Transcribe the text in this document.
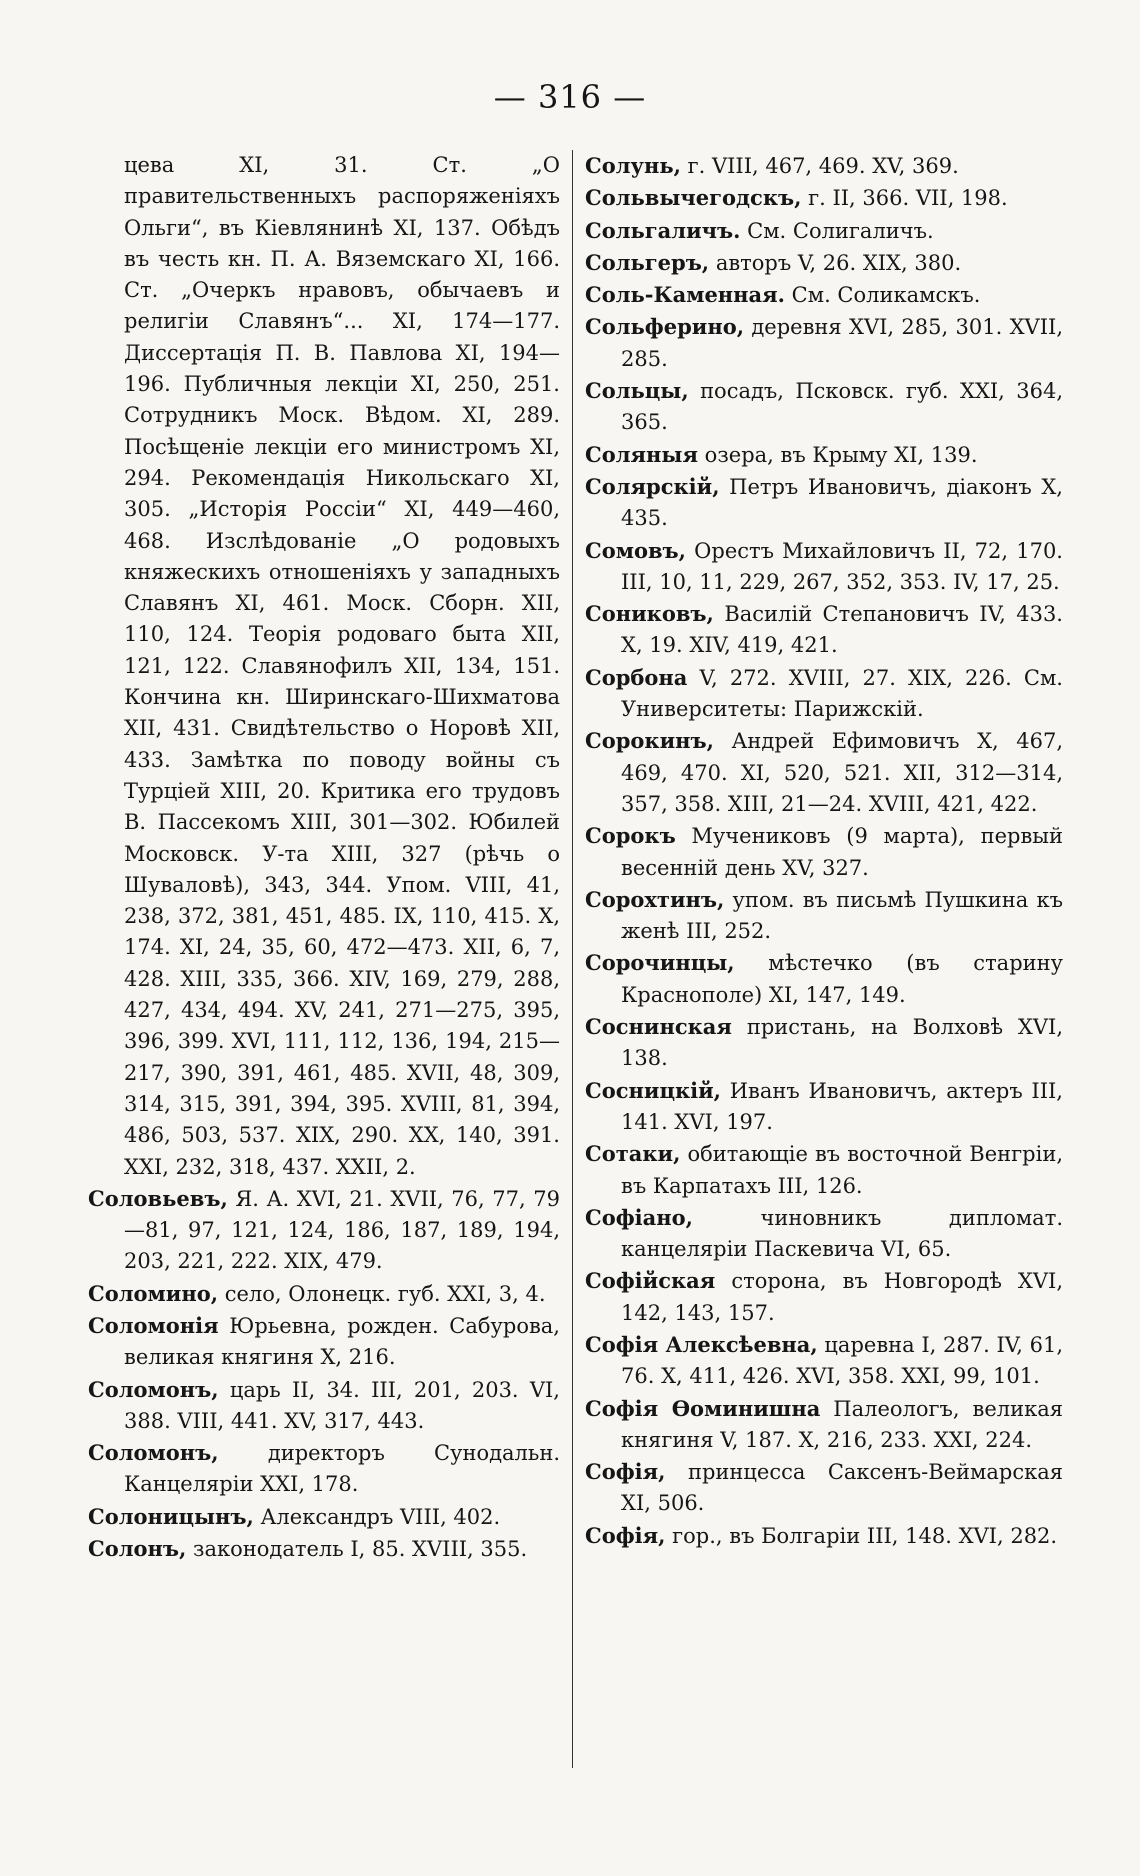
— 316 —

цева XI, 31. Ст. „О правительственныхъ распоряженіяхъ Ольги“, въ Кіевлянинѣ XI, 137. Обѣдъ въ честь кн. П. А. Вяземскаго XI, 166. Ст. „Очеркъ нравовъ, обычаевъ и религіи Славянъ“... XI, 174—177. Диссертація П. В. Павлова XI, 194—196. Публичныя лекціи XI, 250, 251. Сотрудникъ Моск. Вѣдом. XI, 289. Посѣщеніе лекціи его министромъ XI, 294. Рекомендація Никольскаго XI, 305. „Исторія Россіи“ XI, 449—460, 468. Изслѣдованіе „О родовыхъ княжескихъ отношеніяхъ у западныхъ Славянъ XI, 461. Моск. Сборн. XII, 110, 124. Теорія родоваго быта XII, 121, 122. Славянофилъ XII, 134, 151. Кончина кн. Ширинскаго-Шихматова XII, 431. Свидѣтельство о Норовѣ XII, 433. Замѣтка по поводу войны съ Турціей XIII, 20. Критика его трудовъ В. Пассекомъ XIII, 301—302. Юбилей Московск. У-та XIII, 327 (рѣчь о Шуваловѣ), 343, 344. Упом. VIII, 41, 238, 372, 381, 451, 485. IX, 110, 415. X, 174. XI, 24, 35, 60, 472—473. XII, 6, 7, 428. XIII, 335, 366. XIV, 169, 279, 288, 427, 434, 494. XV, 241, 271—275, 395, 396, 399. XVI, 111, 112, 136, 194, 215—217, 390, 391, 461, 485. XVII, 48, 309, 314, 315, 391, 394, 395. XVIII, 81, 394, 486, 503, 537. XIX, 290. XX, 140, 391. XXI, 232, 318, 437. XXII, 2.

Соловьевъ, Я. А. XVI, 21. XVII, 76, 77, 79—81, 97, 121, 124, 186, 187, 189, 194, 203, 221, 222. XIX, 479.

Соломино, село, Олонецк. губ. XXI, 3, 4.

Соломонія Юрьевна, рожден. Сабурова, великая княгиня X, 216.

Соломонъ, царь II, 34. III, 201, 203. VI, 388. VIII, 441. XV, 317, 443.

Соломонъ, директоръ Сунодальн. Канцеляріи XXI, 178.

Солоницынъ, Александръ VIII, 402.

Солонъ, законодатель I, 85. XVIII, 355.

Солунь, г. VIII, 467, 469. XV, 369.

Сольвычегодскъ, г. II, 366. VII, 198.

Сольгаличъ. См. Солигаличъ.

Сольгеръ, авторъ V, 26. XIX, 380.

Соль-Каменная. См. Соликамскъ.

Сольферино, деревня XVI, 285, 301. XVII, 285.

Сольцы, посадъ, Псковск. губ. XXI, 364, 365.

Соляныя озера, въ Крыму XI, 139.

Солярскій, Петръ Ивановичъ, діаконъ X, 435.

Сомовъ, Орестъ Михайловичъ II, 72, 170. III, 10, 11, 229, 267, 352, 353. IV, 17, 25.

Сониковъ, Василій Степановичъ IV, 433. X, 19. XIV, 419, 421.

Сорбона V, 272. XVIII, 27. XIX, 226. См. Университеты: Парижскій.

Сорокинъ, Андрей Ефимовичъ X, 467, 469, 470. XI, 520, 521. XII, 312—314, 357, 358. XIII, 21—24. XVIII, 421, 422.

Сорокъ Мучениковъ (9 марта), первый весенній день XV, 327.

Сорохтинъ, упом. въ письмѣ Пушкина къ женѣ III, 252.

Сорочинцы, мѣстечко (въ старину Краснополе) XI, 147, 149.

Соснинская пристань, на Волховѣ XVI, 138.

Сосницкій, Иванъ Ивановичъ, актеръ III, 141. XVI, 197.

Сотаки, обитающіе въ восточной Венгріи, въ Карпатахъ III, 126.

Софіано,	чиновникъ дипломат. канцеляріи Паскевича VI, 65.

Софійская сторона, въ Новгородѣ XVI, 142, 143, 157.

Софія Алексѣевна, царевна I, 287. IV, 61, 76. X, 411, 426. XVI, 358. XXI, 99, 101.

Софія Ѳоминишна Палеологъ, великая княгиня V, 187. X, 216, 233. XXI, 224.

Софія, принцесса Саксенъ-Веймарская XI, 506.

Софія, гор., въ Болгаріи III, 148. XVI, 282.
